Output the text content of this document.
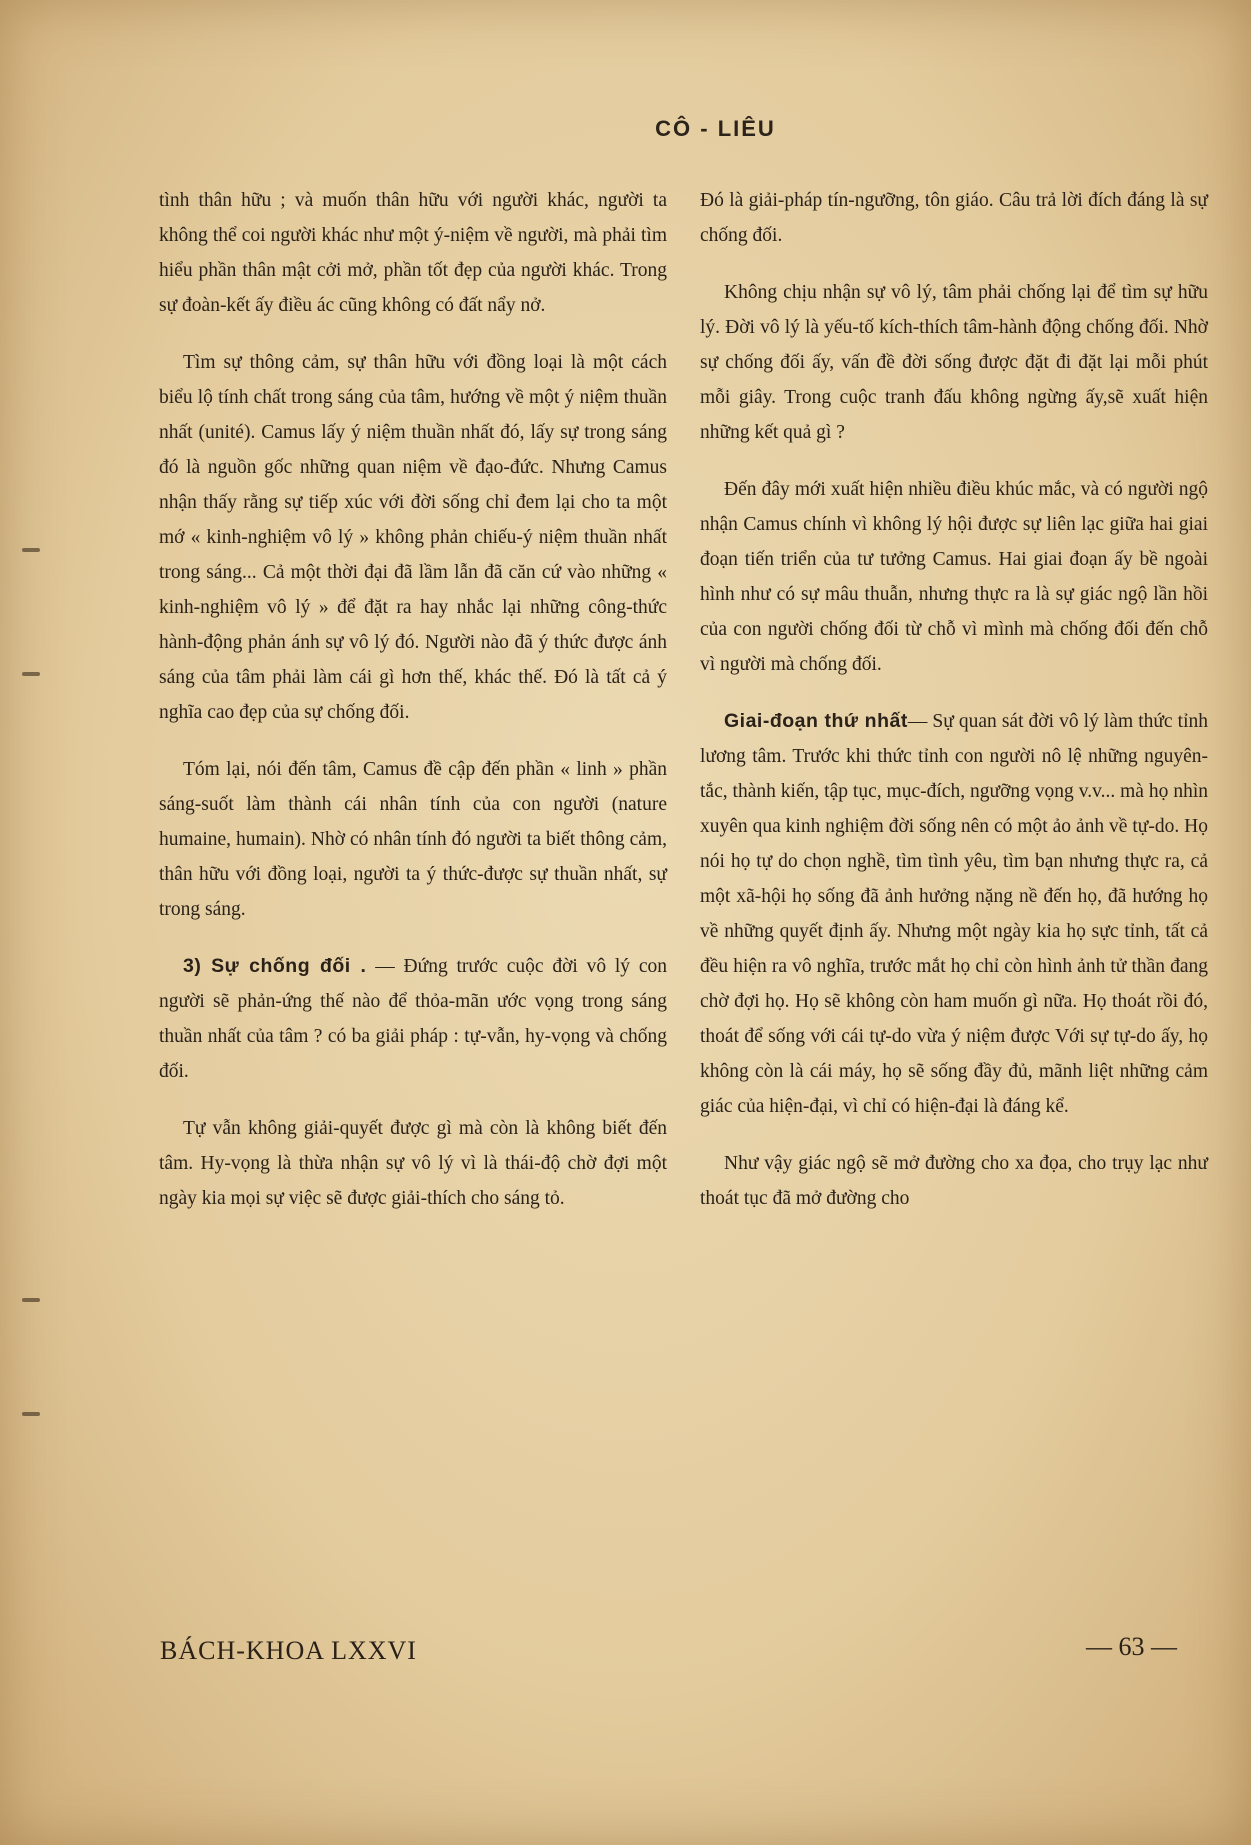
CÔ - LIÊU

tình thân hữu ; và muốn thân hữu với người khác, người ta không thể coi người khác như một ý-niệm về người, mà phải tìm hiểu phần thân mật cởi mở, phần tốt đẹp của người khác. Trong sự đoàn-kết ấy điều ác cũng không có đất nẩy nở.

Tìm sự thông cảm, sự thân hữu với đồng loại là một cách biểu lộ tính chất trong sáng của tâm, hướng về một ý niệm thuần nhất (unité). Camus lấy ý niệm thuần nhất đó, lấy sự trong sáng đó là nguồn gốc những quan niệm về đạo-đức. Nhưng Camus nhận thấy rằng sự tiếp xúc với đời sống chỉ đem lại cho ta một mớ « kinh-nghiệm vô lý » không phản chiếu-ý niệm thuần nhất trong sáng... Cả một thời đại đã lầm lẫn đã căn cứ vào những « kinh-nghiệm vô lý » để đặt ra hay nhắc lại những công-thức hành-động phản ánh sự vô lý đó. Người nào đã ý thức được ánh sáng của tâm phải làm cái gì hơn thế, khác thế. Đó là tất cả ý nghĩa cao đẹp của sự chống đối.

Tóm lại, nói đến tâm, Camus đề cập đến phần « linh » phần sáng-suốt làm thành cái nhân tính của con người (nature humaine, humain). Nhờ có nhân tính đó người ta biết thông cảm, thân hữu với đồng loại, người ta ý thức-được sự thuần nhất, sự trong sáng.

3) Sự chống đối . — Đứng trước cuộc đời vô lý con người sẽ phản-ứng thế nào để thỏa-mãn ước vọng trong sáng thuần nhất của tâm ? có ba giải pháp : tự-vẫn, hy-vọng và chống đối.

Tự vẫn không giải-quyết được gì mà còn là không biết đến tâm. Hy-vọng là thừa nhận sự vô lý vì là thái-độ chờ đợi một ngày kia mọi sự việc sẽ được giải-thích cho sáng tỏ.

Đó là giải-pháp tín-ngưỡng, tôn giáo. Câu trả lời đích đáng là sự chống đối.

Không chịu nhận sự vô lý, tâm phải chống lại để tìm sự hữu lý. Đời vô lý là yếu-tố kích-thích tâm-hành động chống đối. Nhờ sự chống đối ấy, vấn đề đời sống được đặt đi đặt lại mỗi phút mỗi giây. Trong cuộc tranh đấu không ngừng ấy,sẽ xuất hiện những kết quả gì ?

Đến đây mới xuất hiện nhiều điều khúc mắc, và có người ngộ nhận Camus chính vì không lý hội được sự liên lạc giữa hai giai đoạn tiến triển của tư tưởng Camus. Hai giai đoạn ấy bề ngoài hình như có sự mâu thuẫn, nhưng thực ra là sự giác ngộ lần hồi của con người chống đối từ chỗ vì mình mà chống đối đến chỗ vì người mà chống đối.

Giai-đoạn thứ nhất— Sự quan sát đời vô lý làm thức tỉnh lương tâm. Trước khi thức tỉnh con người nô lệ những nguyên-tắc, thành kiến, tập tục, mục-đích, ngưỡng vọng v.v... mà họ nhìn xuyên qua kinh nghiệm đời sống nên có một ảo ảnh về tự-do. Họ nói họ tự do chọn nghề, tìm tình yêu, tìm bạn nhưng thực ra, cả một xã-hội họ sống đã ảnh hưởng nặng nề đến họ, đã hướng họ về những quyết định ấy. Nhưng một ngày kia họ sực tỉnh, tất cả đều hiện ra vô nghĩa, trước mắt họ chỉ còn hình ảnh tử thần đang chờ đợi họ. Họ sẽ không còn ham muốn gì nữa. Họ thoát rồi đó, thoát để sống với cái tự-do vừa ý niệm được Với sự tự-do ấy, họ không còn là cái máy, họ sẽ sống đầy đủ, mãnh liệt những cảm giác của hiện-đại, vì chỉ có hiện-đại là đáng kể.

Như vậy giác ngộ sẽ mở đường cho xa đọa, cho trụy lạc như thoát tục đã mở đường cho

BÁCH-KHOA LXXVI	— 63 —
